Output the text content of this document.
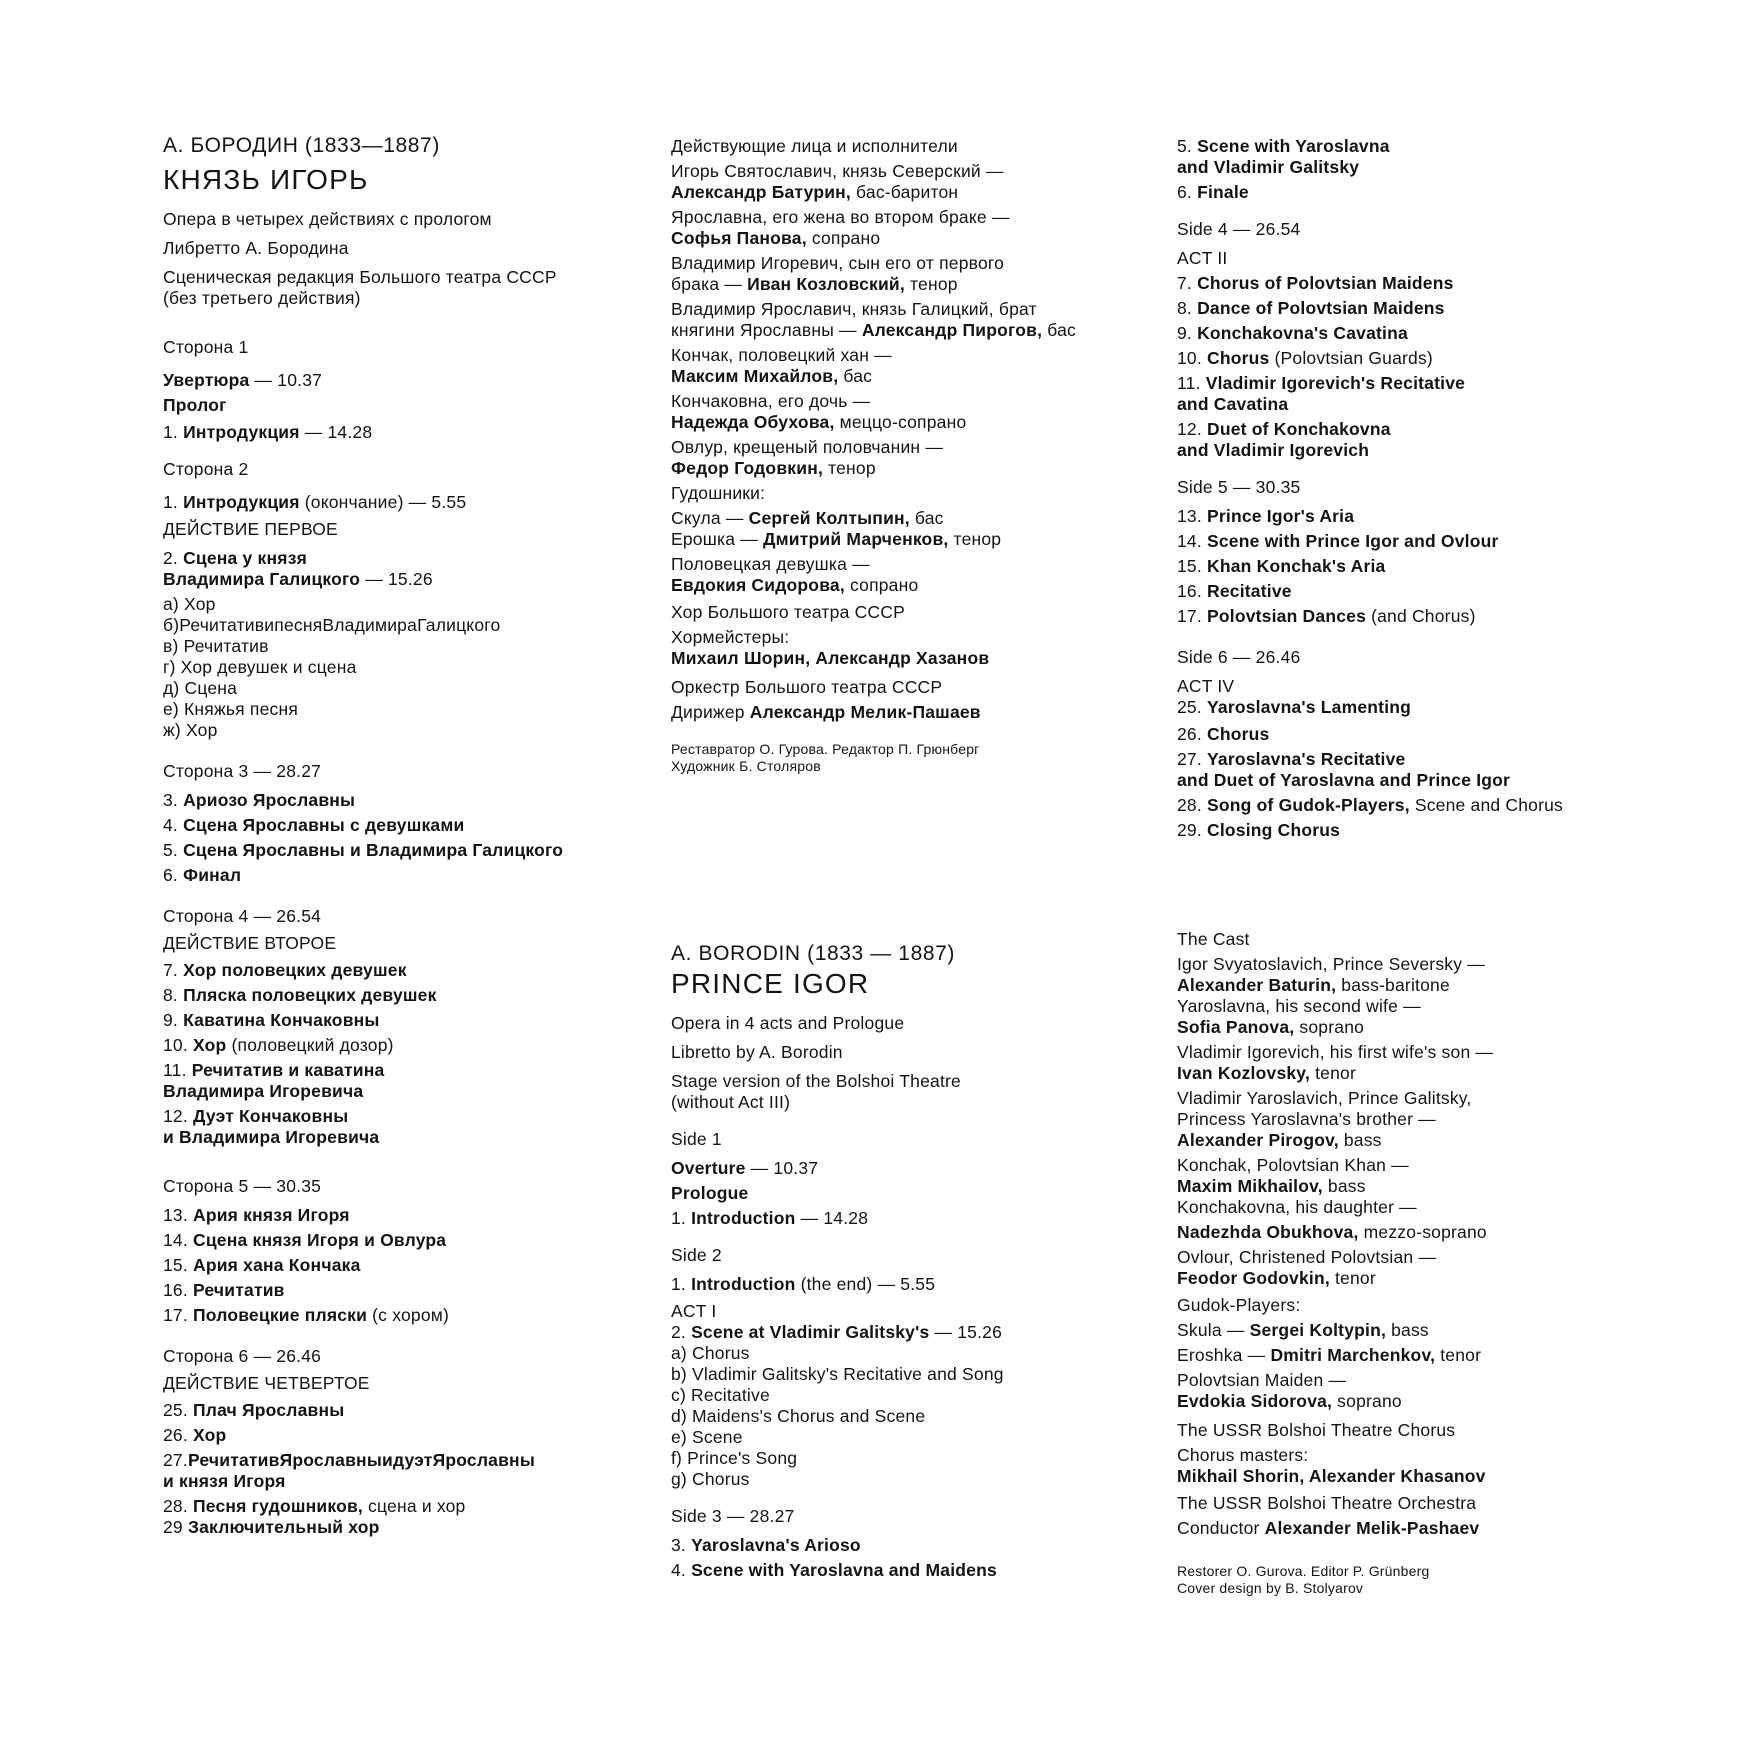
А. БОРОДИН (1833—1887)
КНЯЗЬ ИГОРЬ
Опера в четырех действиях с прологом
Либретто А. Бородина
Сценическая редакция Большого театра СССР
(без третьего действия)
Сторона 1
Увертюра — 10.37
Пролог
1. Интродукция — 14.28
Сторона 2
1. Интродукция (окончание) — 5.55
ДЕЙСТВИЕ ПЕРВОЕ
2. Сцена у князя
Владимира Галицкого — 15.26
а) Хор
б)РечитативипесняВладимираГалицкого
в) Речитатив
г) Хор девушек и сцена
д) Сцена
е) Княжья песня
ж) Хор
Сторона 3 — 28.27
3. Ариозо Ярославны
4. Сцена Ярославны с девушками
5. Сцена Ярославны и Владимира Галицкого
6. Финал
Сторона 4 — 26.54
ДЕЙСТВИЕ ВТОРОЕ
7. Хор половецких девушек
8. Пляска половецких девушек
9. Каватина Кончаковны
10. Хор (половецкий дозор)
11. Речитатив и каватина
Владимира Игоревича
12. Дуэт Кончаковны
и Владимира Игоревича
Сторона 5 — 30.35
13. Ария князя Игоря
14. Сцена князя Игоря и Овлура
15. Ария хана Кончака
16. Речитатив
17. Половецкие пляски (с хором)
Сторона 6 — 26.46
ДЕЙСТВИЕ ЧЕТВЕРТОЕ
25. Плач Ярославны
26. Хор
27.РечитативЯрославныидуэтЯрославны
и князя Игоря
28. Песня гудошников, сцена и хор
29 Заключительный хор
Действующие лица и исполнители
Игорь Святославич, князь Северский —
Александр Батурин, бас-баритон
Ярославна, его жена во втором браке —
Софья Панова, сопрано
Владимир Игоревич, сын его от первого
брака — Иван Козловский, тенор
Владимир Ярославич, князь Галицкий, брат
княгини Ярославны — Александр Пирогов, бас
Кончак, половецкий хан —
Максим Михайлов, бас
Кончаковна, его дочь —
Надежда Обухова, меццо-сопрано
Овлур, крещеный половчанин —
Федор Годовкин, тенор
Гудошники:
Скула — Сергей Колтыпин, бас
Ерошка — Дмитрий Марченков, тенор
Половецкая девушка —
Евдокия Сидорова, сопрано
Хор Большого театра СССР
Хормейстеры:
Михаил Шорин, Александр Хазанов
Оркестр Большого театра СССР
Дирижер Александр Мелик-Пашаев
Реставратор О. Гурова. Редактор П. Грюнберг
Художник Б. Столяров
A. BORODIN (1833 — 1887)
PRINCE IGOR
Opera in 4 acts and Prologue
Libretto by A. Borodin
Stage version of the Bolshoi Theatre
(without Act III)
Side 1
Overture — 10.37
Prologue
1. Introduction — 14.28
Side 2
1. Introduction (the end) — 5.55
ACT I
2. Scene at Vladimir Galitsky's — 15.26
a) Chorus
b) Vladimir Galitsky's Recitative and Song
c) Recitative
d) Maidens's Chorus and Scene
e) Scene
f) Prince's Song
g) Chorus
Side 3 — 28.27
3. Yaroslavna's Arioso
4. Scene with Yaroslavna and Maidens
5. Scene with Yaroslavna
and Vladimir Galitsky
6. Finale
Side 4 — 26.54
ACT II
7. Chorus of Polovtsian Maidens
8. Dance of Polovtsian Maidens
9. Konchakovna's Cavatina
10. Chorus (Polovtsian Guards)
11. Vladimir Igorevich's Recitative
and Cavatina
12. Duet of Konchakovna
and Vladimir Igorevich
Side 5 — 30.35
13. Prince Igor's Aria
14. Scene with Prince Igor and Ovlour
15. Khan Konchak's Aria
16. Recitative
17. Polovtsian Dances (and Chorus)
Side 6 — 26.46
ACT IV
25. Yaroslavna's Lamenting
26. Chorus
27. Yaroslavna's Recitative
and Duet of Yaroslavna and Prince Igor
28. Song of Gudok-Players, Scene and Chorus
29. Closing Chorus
The Cast
Igor Svyatoslavich, Prince Seversky —
Alexander Baturin, bass-baritone
Yaroslavna, his second wife —
Sofia Panova, soprano
Vladimir Igorevich, his first wife's son —
Ivan Kozlovsky, tenor
Vladimir Yaroslavich, Prince Galitsky,
Princess Yaroslavna's brother —
Alexander Pirogov, bass
Konchak, Polovtsian Khan —
Maxim Mikhailov, bass
Konchakovna, his daughter —
Nadezhda Obukhova, mezzo-soprano
Ovlour, Christened Polovtsian —
Feodor Godovkin, tenor
Gudok-Players:
Skula — Sergei Koltypin, bass
Eroshka — Dmitri Marchenkov, tenor
Polovtsian Maiden —
Evdokia Sidorova, soprano
The USSR Bolshoi Theatre Chorus
Chorus masters:
Mikhail Shorin, Alexander Khasanov
The USSR Bolshoi Theatre Orchestra
Conductor Alexander Melik-Pashaev
Restorer O. Gurova. Editor P. Grünberg
Cover design by B. Stolyarov
